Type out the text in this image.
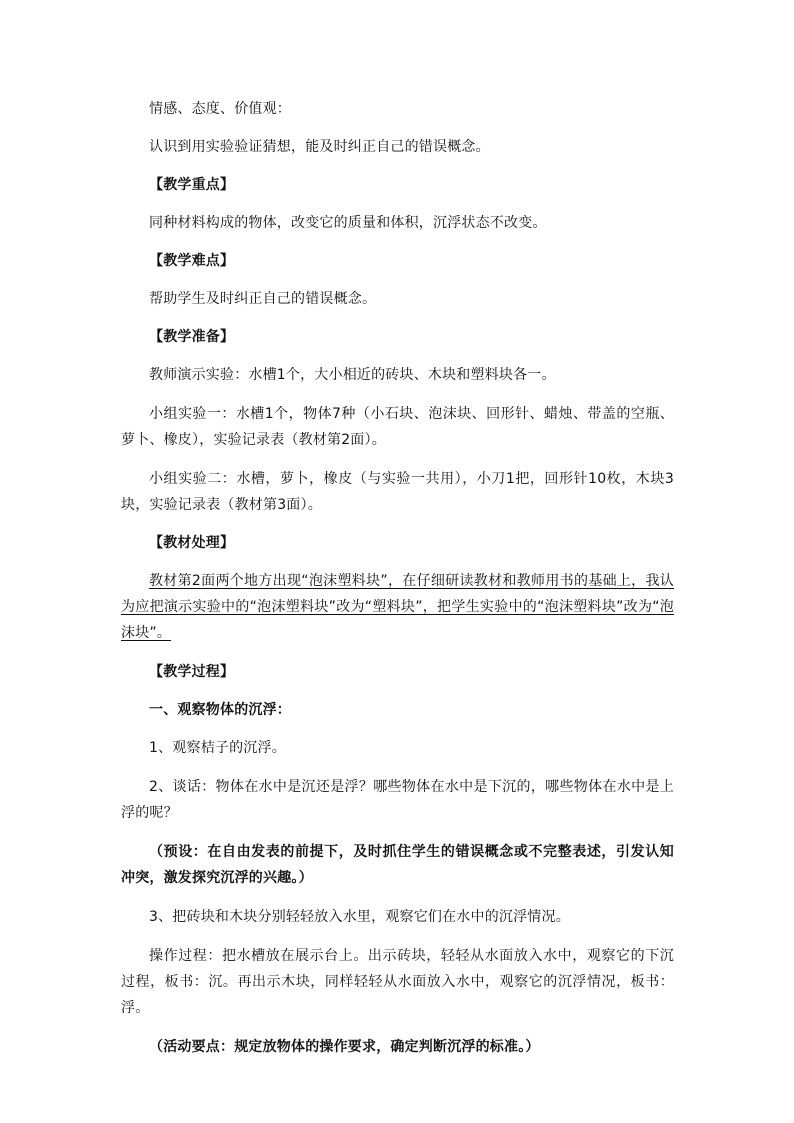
情感、态度、价值观：

认识到用实验验证猜想，能及时纠正自己的错误概念。

【教学重点】

同种材料构成的物体，改变它的质量和体积，沉浮状态不改变。

【教学难点】

帮助学生及时纠正自己的错误概念。

【教学准备】

教师演示实验：水槽1个，大小相近的砖块、木块和塑料块各一。

小组实验一：水槽1个，物体7种（小石块、泡沫块、回形针、蜡烛、带盖的空瓶、萝卜、橡皮），实验记录表（教材第2面）。

小组实验二：水槽，萝卜，橡皮（与实验一共用），小刀1把，回形针10枚，木块3块，实验记录表（教材第3面）。

【教材处理】

教材第2面两个地方出现“泡沫塑料块”，在仔细研读教材和教师用书的基础上，我认为应把演示实验中的“泡沫塑料块”改为“塑料块”，把学生实验中的“泡沫塑料块”改为“泡沫块”。

【教学过程】

一、观察物体的沉浮：

1、观察桔子的沉浮。

2、谈话：物体在水中是沉还是浮？哪些物体在水中是下沉的，哪些物体在水中是上浮的呢？

（预设：在自由发表的前提下，及时抓住学生的错误概念或不完整表述，引发认知冲突，激发探究沉浮的兴趣。）

3、把砖块和木块分别轻轻放入水里，观察它们在水中的沉浮情况。

操作过程：把水槽放在展示台上。出示砖块，轻轻从水面放入水中，观察它的下沉过程，板书：沉。再出示木块，同样轻轻从水面放入水中，观察它的沉浮情况，板书：浮。

（活动要点：规定放物体的操作要求，确定判断沉浮的标准。）
